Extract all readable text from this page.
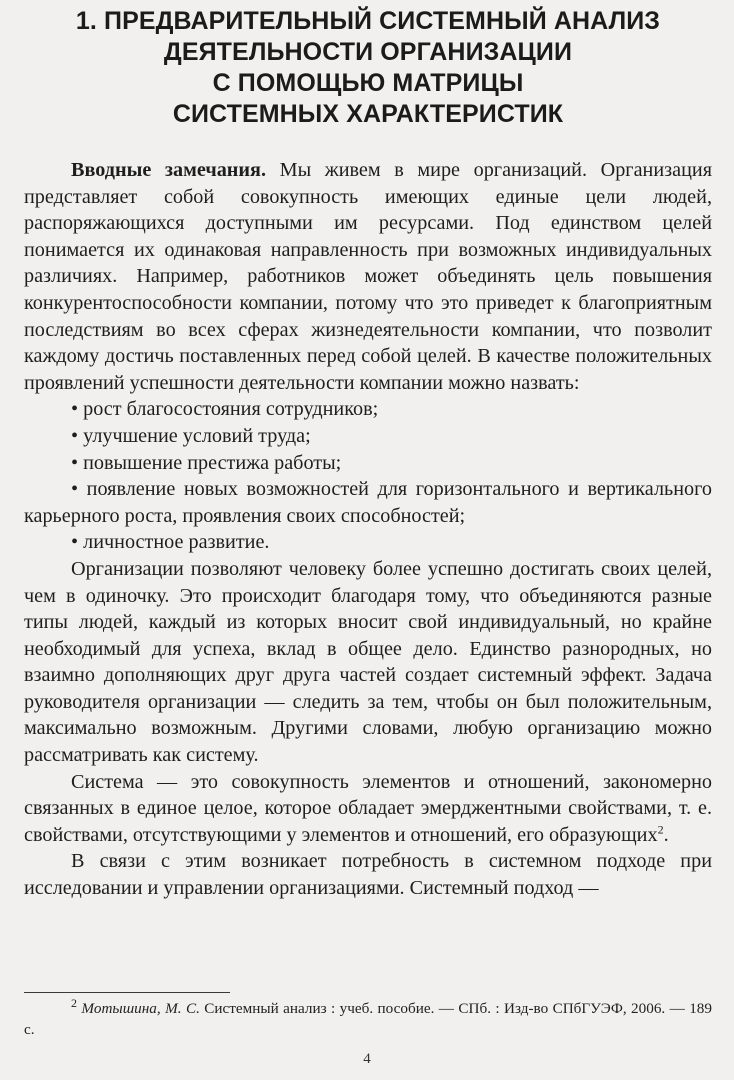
1. ПРЕДВАРИТЕЛЬНЫЙ СИСТЕМНЫЙ АНАЛИЗ
ДЕЯТЕЛЬНОСТИ ОРГАНИЗАЦИИ
С ПОМОЩЬЮ МАТРИЦЫ
СИСТЕМНЫХ ХАРАКТЕРИСТИК

Вводные замечания. Мы живем в мире организаций. Организация представляет собой совокупность имеющих единые цели людей, распоряжающихся доступными им ресурсами. Под единством целей понимается их одинаковая направленность при возможных индивидуальных различиях. Например, работников может объединять цель повышения конкурентоспособности компании, потому что это приведет к благоприятным последствиям во всех сферах жизнедеятельности компании, что позволит каждому достичь поставленных перед собой целей. В качестве положительных проявлений успешности деятельности компании можно назвать:

• рост благосостояния сотрудников;

• улучшение условий труда;

• повышение престижа работы;

• появление новых возможностей для горизонтального и вертикального карьерного роста, проявления своих способностей;

• личностное развитие.

Организации позволяют человеку более успешно достигать своих целей, чем в одиночку. Это происходит благодаря тому, что объединяются разные типы людей, каждый из которых вносит свой индивидуальный, но крайне необходимый для успеха, вклад в общее дело. Единство разнородных, но взаимно дополняющих друг друга частей создает системный эффект. Задача руководителя организации — следить за тем, чтобы он был положительным, максимально возможным. Другими словами, любую организацию можно рассматривать как систему.

Система — это совокупность элементов и отношений, закономерно связанных в единое целое, которое обладает эмерджентными свойствами, т. е. свойствами, отсутствующими у элементов и отношений, его образующих$^2$.

В связи с этим возникает потребность в системном подходе при исследовании и управлении организациями. Системный подход —

$^2$ Мотышина, М. С. Системный анализ : учеб. пособие. — СПб. : Изд-во СПбГУЭФ, 2006. — 189 с.
4
